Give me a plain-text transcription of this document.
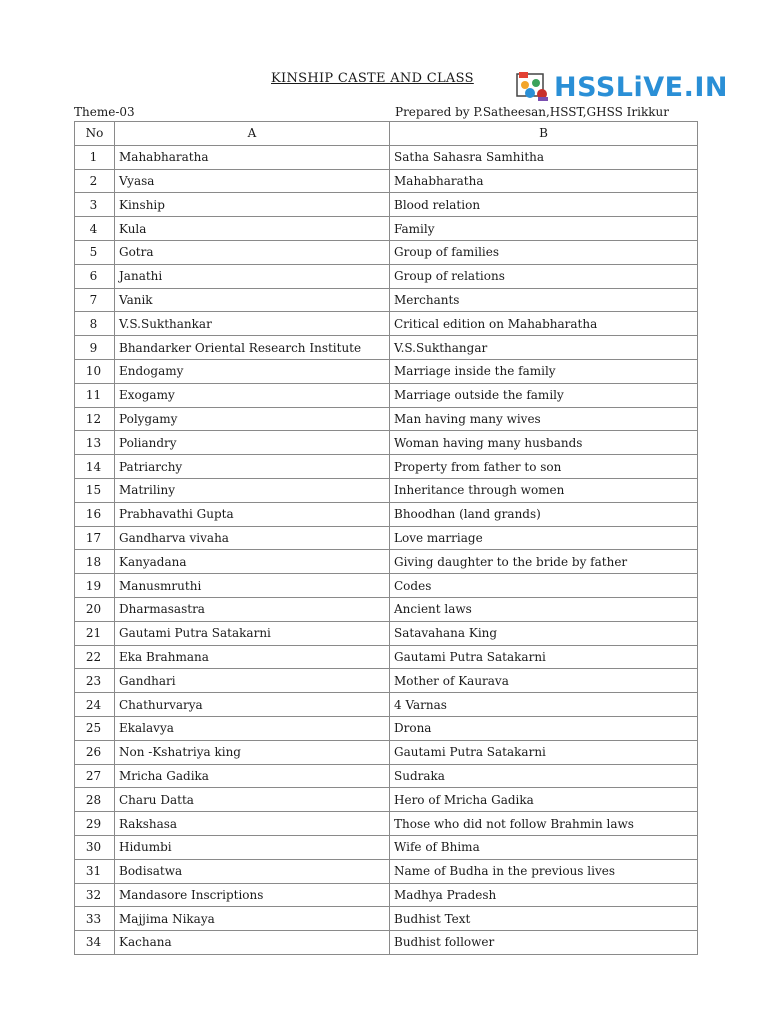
KINSHIP CASTE AND CLASS	HSSLiVE.IN
Theme-03	Prepared by P.Satheesan,HSST,GHSS Irikkur
No	A	B
1	Mahabharatha	Satha Sahasra Samhitha
2	Vyasa	Mahabharatha
3	Kinship	Blood relation
4	Kula	Family
5	Gotra	Group of families
6	Janathi	Group of relations
7	Vanik	Merchants
8	V.S.Sukthankar	Critical edition on Mahabharatha
9	Bhandarker Oriental Research Institute	V.S.Sukthangar
10	Endogamy	Marriage inside the family
11	Exogamy	Marriage outside the family
12	Polygamy	Man having many wives
13	Poliandry	Woman having many husbands
14	Patriarchy	Property from father to son
15	Matriliny	Inheritance through women
16	Prabhavathi Gupta	Bhoodhan (land grands)
17	Gandharva vivaha	Love marriage
18	Kanyadana	Giving daughter to the bride by father
19	Manusmruthi	Codes
20	Dharmasastra	Ancient laws
21	Gautami Putra Satakarni	Satavahana King
22	Eka Brahmana	Gautami Putra Satakarni
23	Gandhari	Mother of Kaurava
24	Chathurvarya	4 Varnas
25	Ekalavya	Drona
26	Non -Kshatriya king	Gautami Putra Satakarni
27	Mricha Gadika	Sudraka
28	Charu Datta	Hero of Mricha Gadika
29	Rakshasa	Those who did not follow Brahmin laws
30	Hidumbi	Wife of Bhima
31	Bodisatwa	Name of Budha in the previous lives
32	Mandasore Inscriptions	Madhya Pradesh
33	Majjima Nikaya	Budhist Text
34	Kachana	Budhist follower
